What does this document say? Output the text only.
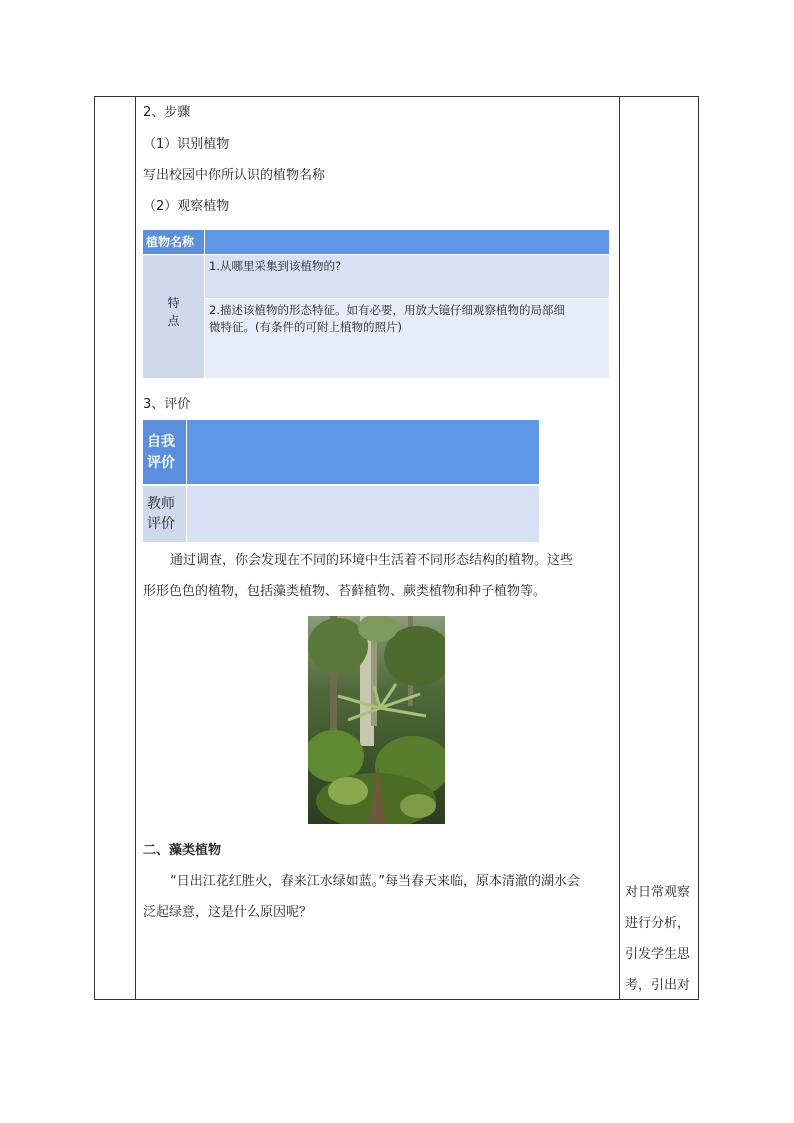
2、步骤
（1）识别植物
写出校园中你所认识的植物名称
（2）观察植物
植物名称
特
点
1.从哪里采集到该植物的?
2.描述该植物的形态特征。如有必要，用放大镜仔细观察植物的局部细
微特征。(有条件的可附上植物的照片)
3、评价
自我
评价
教师
评价
通过调查，你会发现在不同的环境中生活着不同形态结构的植物。这些
形形色色的植物，包括藻类植物、苔藓植物、蕨类植物和种子植物等。
二、藻类植物
“日出江花红胜火，春来江水绿如蓝。”每当春天来临，原本清澈的湖水会
泛起绿意，这是什么原因呢？
对日常观察
进行分析，
引发学生思
考，引出对
